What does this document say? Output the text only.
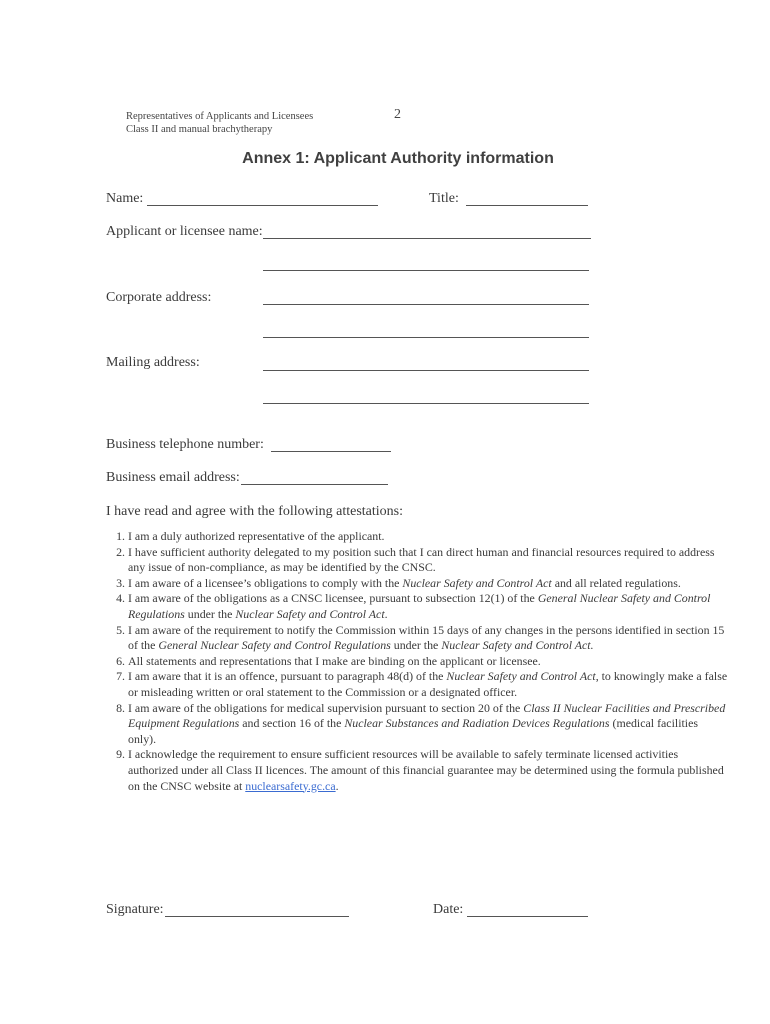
Representatives of Applicants and Licensees
Class II and manual brachytherapy
2
Annex 1: Applicant Authority information
Name:	Title:
Applicant or licensee name:
Corporate address:
Mailing address:
Business telephone number:
Business email address:
I have read and agree with the following attestations:
1. I am a duly authorized representative of the applicant.
2. I have sufficient authority delegated to my position such that I can direct human and financial resources required to address any issue of non-compliance, as may be identified by the CNSC.
3. I am aware of a licensee’s obligations to comply with the Nuclear Safety and Control Act and all related regulations.
4. I am aware of the obligations as a CNSC licensee, pursuant to subsection 12(1) of the General Nuclear Safety and Control Regulations under the Nuclear Safety and Control Act.
5. I am aware of the requirement to notify the Commission within 15 days of any changes in the persons identified in section 15 of the General Nuclear Safety and Control Regulations under the Nuclear Safety and Control Act.
6. All statements and representations that I make are binding on the applicant or licensee.
7. I am aware that it is an offence, pursuant to paragraph 48(d) of the Nuclear Safety and Control Act, to knowingly make a false or misleading written or oral statement to the Commission or a designated officer.
8. I am aware of the obligations for medical supervision pursuant to section 20 of the Class II Nuclear Facilities and Prescribed Equipment Regulations and section 16 of the Nuclear Substances and Radiation Devices Regulations (medical facilities only).
9. I acknowledge the requirement to ensure sufficient resources will be available to safely terminate licensed activities authorized under all Class II licences. The amount of this financial guarantee may be determined using the formula published on the CNSC website at nuclearsafety.gc.ca.
Signature:	Date:
